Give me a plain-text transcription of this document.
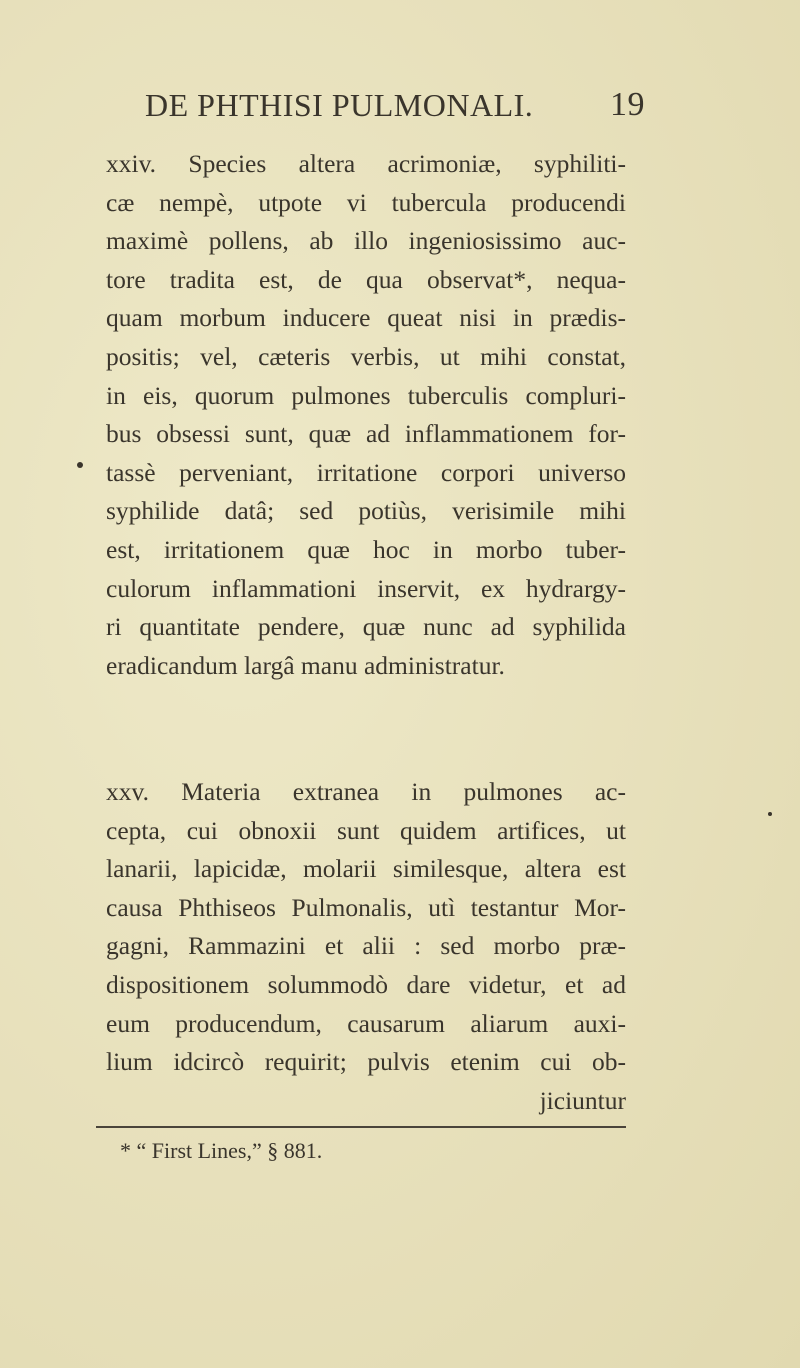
DE PHTHISI PULMONALI. 19
xxiv. Species altera acrimoniæ, syphiliti-
cæ nempè, utpote vi tubercula producendi
maximè pollens, ab illo ingeniosissimo auc-
tore tradita est, de qua observat*, nequa-
quam morbum inducere queat nisi in prædis-
positis; vel, cæteris verbis, ut mihi constat,
in eis, quorum pulmones tuberculis compluri-
bus obsessi sunt, quæ ad inflammationem for-
tassè perveniant, irritatione corpori universo
syphilide datâ; sed potiùs, verisimile mihi
est, irritationem quæ hoc in morbo tuber-
culorum inflammationi inservit, ex hydrargy-
ri quantitate pendere, quæ nunc ad syphilida
eradicandum largâ manu administratur.
xxv. Materia extranea in pulmones ac-
cepta, cui obnoxii sunt quidem artifices, ut
lanarii, lapicidæ, molarii similesque, altera est
causa Phthiseos Pulmonalis, utì testantur Mor-
gagni, Rammazini et alii : sed morbo præ-
dispositionem solummodò dare videtur, et ad
eum producendum, causarum aliarum auxi-
lium idcircò requirit; pulvis etenim cui ob-
jiciuntur
* “ First Lines,” § 881.
